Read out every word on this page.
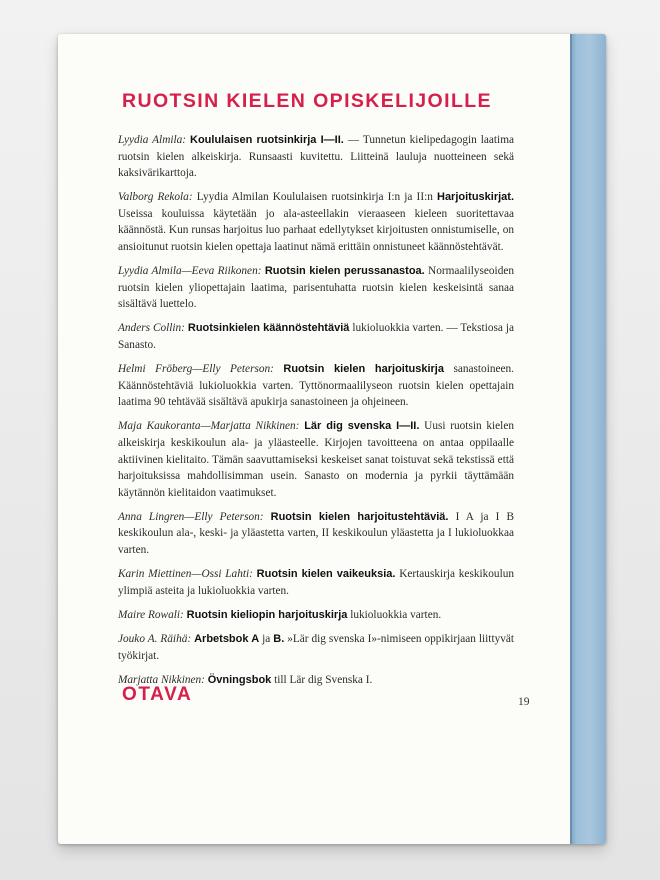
RUOTSIN KIELEN OPISKELIJOILLE

Lyydia Almila: Koululaisen ruotsinkirja I—II. — Tunnetun kielipedagogin laatima ruotsin kielen alkeiskirja. Runsaasti kuvitettu. Liitteinä lauluja nuotteineen sekä kaksivärikarttoja.

Valborg Rekola: Lyydia Almilan Koululaisen ruotsinkirja I:n ja II:n Harjoituskirjat. Useissa kouluissa käytetään jo ala-asteellakin vieraaseen kieleen suoritettavaa käännöstä. Kun runsas harjoitus luo parhaat edellytykset kirjoitusten onnistumiselle, on ansioitunut ruotsin kielen opettaja laatinut nämä erittäin onnistuneet käännöstehtävät.

Lyydia Almila—Eeva Riikonen: Ruotsin kielen perussanastoa. Normaalilyseoiden ruotsin kielen yliopettajain laatima, parisentuhatta ruotsin kielen keskeisintä sanaa sisältävä luettelo.

Anders Collin: Ruotsinkielen käännöstehtäviä lukioluokkia varten. — Tekstiosa ja Sanasto.

Helmi Fröberg—Elly Peterson: Ruotsin kielen harjoituskirja sanastoineen. Käännöstehtäviä lukioluokkia varten. Tyttönormaalilyseon ruotsin kielen opettajain laatima 90 tehtävää sisältävä apukirja sanastoineen ja ohjeineen.

Maja Kaukoranta—Marjatta Nikkinen: Lär dig svenska I—II. Uusi ruotsin kielen alkeiskirja keskikoulun ala- ja yläasteelle. Kirjojen tavoitteena on antaa oppilaalle aktiivinen kielitaito. Tämän saavuttamiseksi keskeiset sanat toistuvat sekä tekstissä että harjoituksissa mahdollisimman usein. Sanasto on modernia ja pyrkii täyttämään käytännön kielitaidon vaatimukset.

Anna Lingren—Elly Peterson: Ruotsin kielen harjoitustehtäviä. I A ja I B keskikoulun ala-, keski- ja yläastetta varten, II keskikoulun yläastetta ja I lukioluokkaa varten.

Karin Miettinen—Ossi Lahti: Ruotsin kielen vaikeuksia. Kertauskirja keskikoulun ylimpiä asteita ja lukioluokkia varten.

Maire Rowali: Ruotsin kieliopin harjoituskirja lukioluokkia varten.

Jouko A. Räihä: Arbetsbok A ja B. »Lär dig svenska I»-nimiseen oppikirjaan liittyvät työkirjat.

Marjatta Nikkinen: Övningsbok till Lär dig Svenska I.

OTAVA	19
